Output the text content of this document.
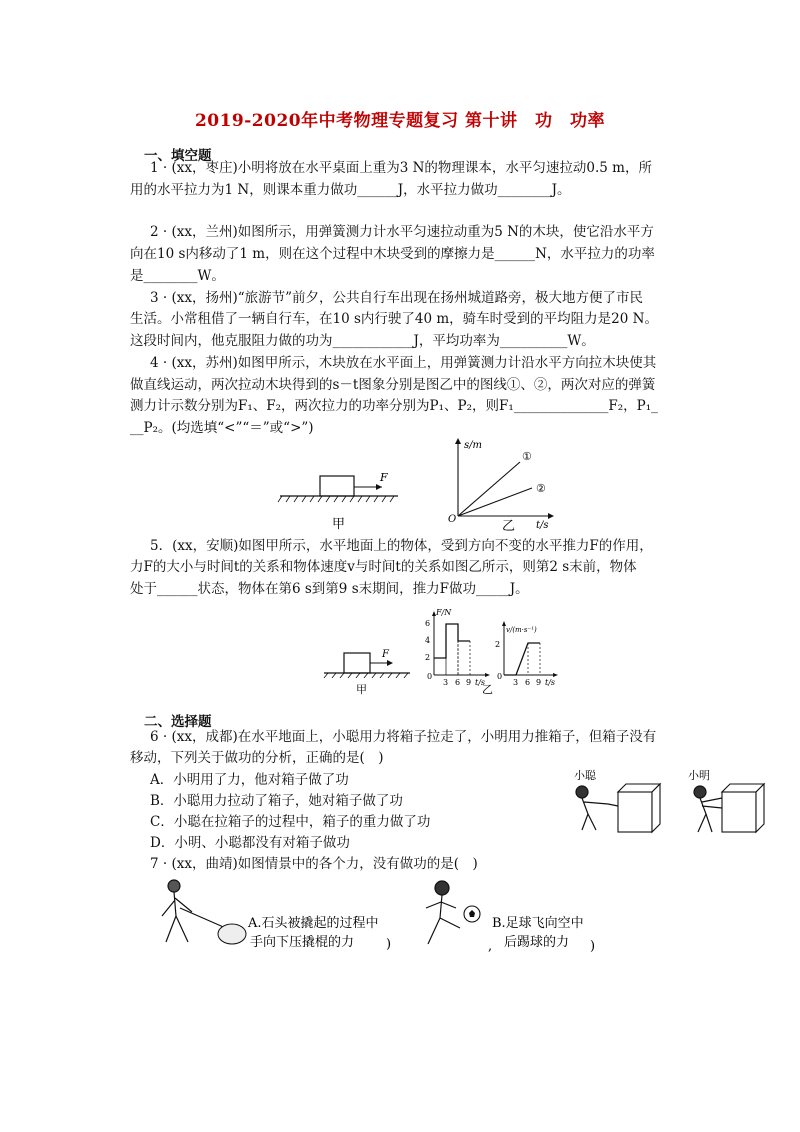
2019-2020年中考物理专题复习 第十讲　功　功率
一、填空题
1 · (xx，枣庄)小明将放在水平桌面上重为3 N的物理课本，水平匀速拉动0.5 m，所
用的水平拉力为1 N，则课本重力做功______J，水平拉力做功________J。
2 · (xx，兰州)如图所示，用弹簧测力计水平匀速拉动重为5 N的木块，使它沿水平方
向在10 s内移动了1 m，则在这个过程中木块受到的摩擦力是______N，水平拉力的功率
是________W。
3 · (xx，扬州)“旅游节”前夕，公共自行车出现在扬州城道路旁，极大地方便了市民
生活。小常租借了一辆自行车，在10 s内行驶了40 m，骑车时受到的平均阻力是20 N。
这段时间内，他克服阻力做的功为____________J，平均功率为__________W。
4 · (xx，苏州)如图甲所示，木块放在水平面上，用弹簧测力计沿水平方向拉木块使其
做直线运动，两次拉动木块得到的s－t图象分别是图乙中的图线①、②，两次对应的弹簧
测力计示数分别为F₁、F₂，两次拉力的功率分别为P₁、P₂，则F₁______________F₂，P₁_
__P₂。(均选填“<”“＝”或“>”)
F
甲
s/m
t/s
O
①
②
乙
5．(xx，安顺)如图甲所示，水平地面上的物体，受到方向不变的水平推力F的作用，
力F的大小与时间t的关系和物体速度v与时间t的关系如图乙所示，则第2 s末前，物体
处于______状态，物体在第6 s到第9 s末期间，推力F做功_____J。
F
甲
F/N
0
2
4
6
3 6 9 t/s
v/(m·s⁻¹)
0
2
3 6 9 t/s
乙
二、选择题
6 · (xx，成都)在水平地面上，小聪用力将箱子拉走了，小明用力推箱子，但箱子没有
移动，下列关于做功的分析，正确的是(　)
A．小明用了力，他对箱子做了功
B．小聪用力拉动了箱子，她对箱子做了功
C．小聪在拉箱子的过程中，箱子的重力做了功
D．小明、小聪都没有对箱子做功
小聪	小明
7 · (xx，曲靖)如图情景中的各个力，没有做功的是(　)
A.石头被撬起的过程中
手向下压撬棍的力 )
B.足球飞向空中
后踢球的力
,	)
